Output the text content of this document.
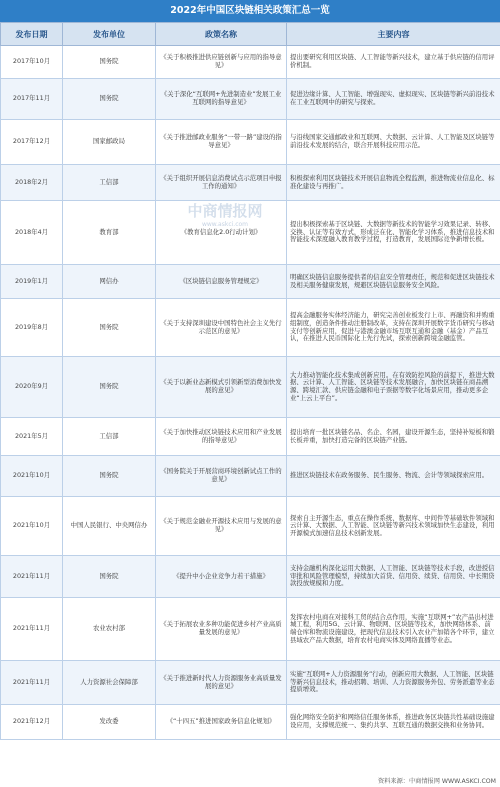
2022年中国区块链相关政策汇总一览
发布日期	发布单位	政策名称	主要内容
2017年10月	国务院	《关于积极推进供应链创新与应用的指导意见》	提出要研究利用区块链、人工智能等新兴技术，建立基于供应链的信用评价机制。
2017年11月	国务院	《关于深化“互联网+先进制造业”发展工业互联网的指导意见》	促进边缘计算、人工智能、增强现实、虚拟现实、区块链等新兴前沿技术在工业互联网中的研究与探索。
2017年12月	国家邮政局	《关于推进邮政业服务“一带一路”建设的指导意见》	与沿线国家交通邮政业和互联网、大数据、云计算、人工智能及区块链等前沿技术发展的结合，联合开展科技应用示范。
2018年2月	工信部	《关于组织开展信息消费试点示范项目申报工作的通知》	积极探索利用区块链技术开展信息物流全程监测，推进物流业信息化、标准化建设与再推广。
2018年4月	教育部	《教育信息化2.0行动计划》	提出积极探索基于区块链、大数据等新技术的智能学习效果记录、转移、交换、认证等有效方式，形成泛在化、智能化学习体系，推进信息技术和智能技术深度融入教育教学过程，打造教育，发展国际竞争新增长极。
2019年1月	网信办	《区块链信息服务管理规定》	明确区块链信息服务提供者的信息安全管理责任，规范和促进区块链技术及相关服务健康发展，规避区块链信息服务安全风险。
2019年8月	国务院	《关于支持深圳建设中国特色社会主义先行示范区的意见》	提高金融服务实体经济能力，研究完善创业板发行上市、再融资和并购重组制度，创造条件推动注册制改革，支持在深圳开展数字货币研究与移动支付等创新应用，促进与港澳金融市场互联互通和金融（基金）产品互认，在推进人民币国际化上先行先试，探索创新跨境金融监管。
2020年9月	国务院	《关于以新业态新模式引领新型消费加快发展的意见》	大力推动智能化技术集成创新应用。在有效防控风险的前提下，推进大数据、云计算、人工智能、区块链等技术发展融合，加快区块链在商品溯源、跨境汇款、供应链金融和电子票据等数字化场景应用，推动更多企业“上云上平台”。
2021年5月	工信部	《关于加快推动区块链技术应用和产业发展的指导意见》	提出培育一批区块链名品、名企、名园，建设开源生态，坚持补短板和锻长板并重，加快打造完备的区块链产业链。
2021年10月	国务院	《国务院关于开展营商环境创新试点工作的意见》	推进区块链技术在政务服务、民生服务、物流、会计等领域探索应用。
2021年10月	中国人民银行、中央网信办	《关于规范金融业开源技术应用与发展的意见》	探索自主开源生态，重点在操作系统、数据库、中间件等基础软件领域和云计算、大数据、人工智能、区块链等新兴技术领域加快生态建设，利用开源模式加速信息技术创新发展。
2021年11月	国务院	《提升中小企业竞争力若干措施》	支持金融机构深化运用大数据、人工智能、区块链等技术手段，改进授信审批和风险管理模型，持续加大首贷、信用贷、续贷、信用贷、中长期贷款投放规模和力度。
2021年11月	农业农村部	《关于拓展农业多种功能促进乡村产业高质量发展的意见》	发挥农村电商在对接科工贸的结合点作用，实施“互联网+”农产品出村进城工程，利用5G、云计算、物联网、区块链等技术，加快网络体系、前端仓库和物流设施建设，把现代信息技术引入农业产加销各个环节，建立县域农产品大数据，培育农村电商实体及网络直播等业态。
2021年11月	人力资源社会保障部	《关于推进新时代人力资源服务业高质量发展的意见》	实施“互联网+人力资源服务”行动，创新应用大数据、人工智能、区块链等新兴信息技术，推动招聘、培训、人力资源服务外包、劳务派遣等业态提质增效。
2021年12月	发改委	《“十四五”推进国家政务信息化规划》	强化网络安全防护和网络信任服务体系，推进政务区块链共性基础设施建设应用，支撑规范统一、集约共享、互联互通的数据交换和业务协同。
中商情报网
www.askci.com
资料来源：中商情报网 WWW.ASKCI.COM
